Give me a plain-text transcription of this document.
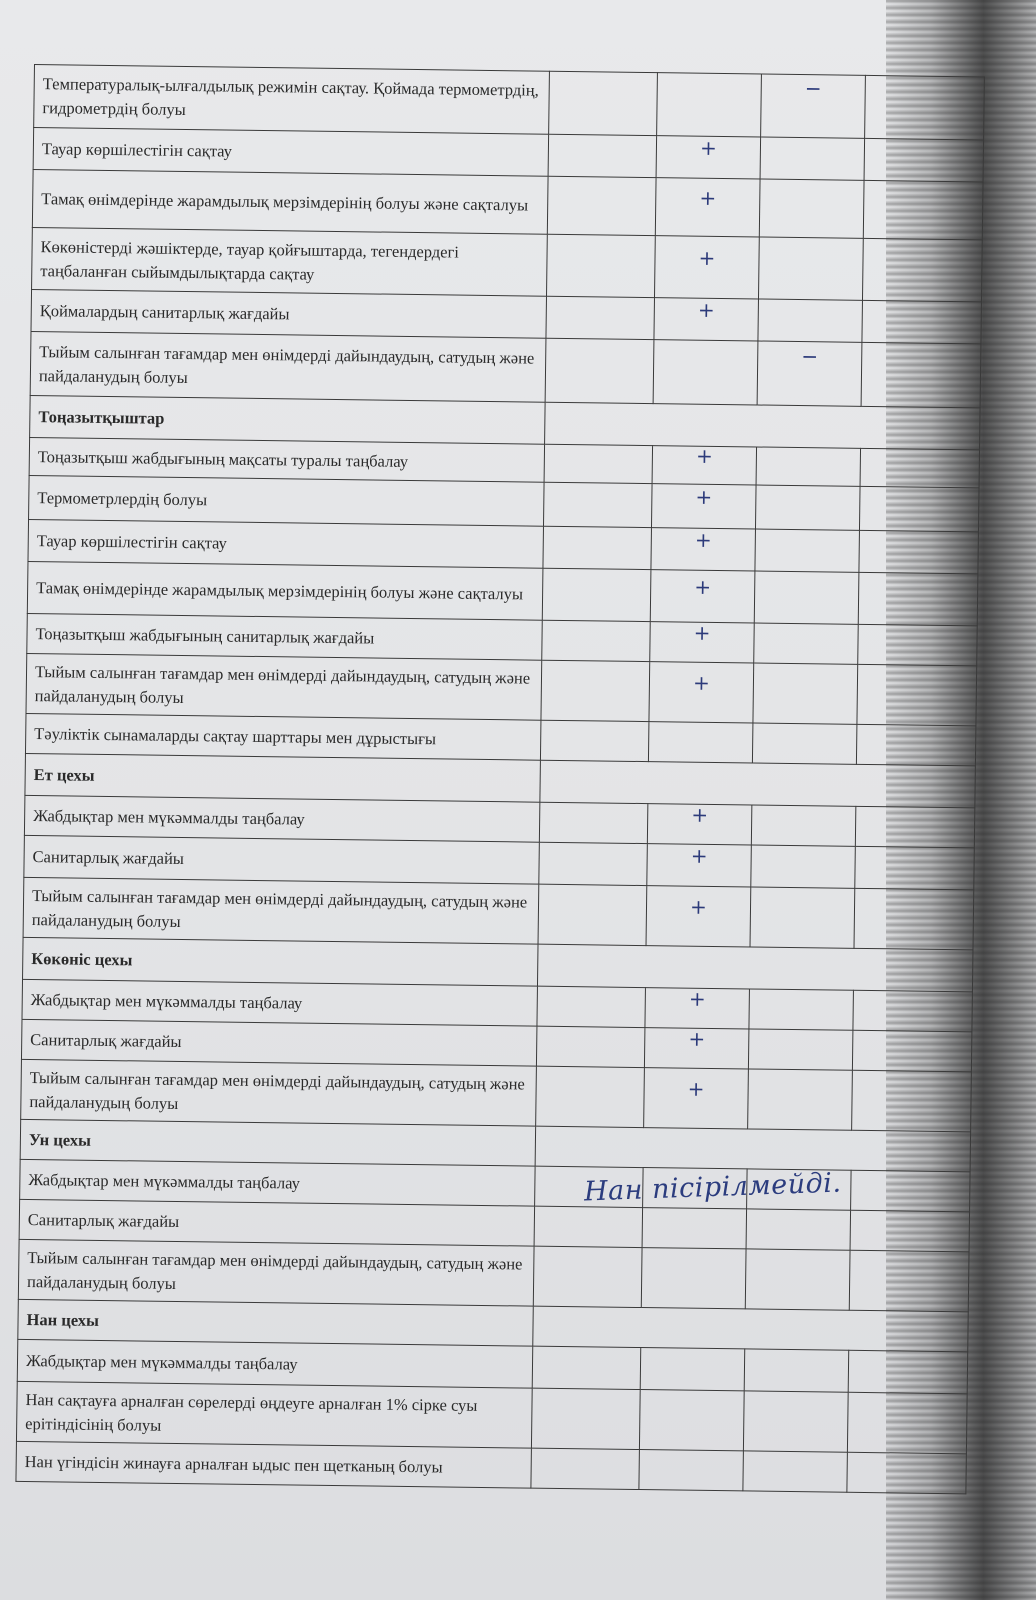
Температуралық-ылғалдылық режимін сақтау. Қоймада термометрдің, гидрометрдің болуы			−	
Тауар көршілестігін сақтау		+		
Тамақ өнімдерінде жарамдылық мерзімдерінің болуы және сақталуы		+		
Көкөністерді жәшіктерде, тауар қойғыштарда, тегендердегі таңбаланған сыйымдылықтарда сақтау		+		
Қоймалардың санитарлық жағдайы		+		
Тыйым салынған тағамдар мен өнімдерді дайындаудың, сатудың және пайдаланудың болуы			−	
Тоңазытқыштар				
Тоңазытқыш жабдығының мақсаты туралы таңбалау		+		
Термометрлердің болуы		+		
Тауар көршілестігін сақтау		+		
Тамақ өнімдерінде жарамдылық мерзімдерінің болуы және сақталуы		+		
Тоңазытқыш жабдығының санитарлық жағдайы		+		
Тыйым салынған тағамдар мен өнімдерді дайындаудың, сатудың және пайдаланудың болуы		+		
Тәуліктік сынамаларды сақтау шарттары мен дұрыстығы				
Ет цехы				
Жабдықтар мен мүкәммалды таңбалау		+		
Санитарлық жағдайы		+		
Тыйым салынған тағамдар мен өнімдерді дайындаудың, сатудың және пайдаланудың болуы		+		
Көкөніс цехы				
Жабдықтар мен мүкәммалды таңбалау		+		
Санитарлық жағдайы		+		
Тыйым салынған тағамдар мен өнімдерді дайындаудың, сатудың және пайдаланудың болуы		+		
Ун цехы				
Жабдықтар мен мүкәммалды таңбалау				
Санитарлық жағдайы				
Тыйым салынған тағамдар мен өнімдерді дайындаудың, сатудың және пайдаланудың болуы				
Нан цехы				
Жабдықтар мен мүкәммалды таңбалау				
Нан сақтауға арналған сөрелерді өңдеуге арналған 1% сірке суы ерітіндісінің болуы				
Нан үгіндісін жинауға арналған ыдыс пен щетканың болуы				
Нан пісірілмейді.
